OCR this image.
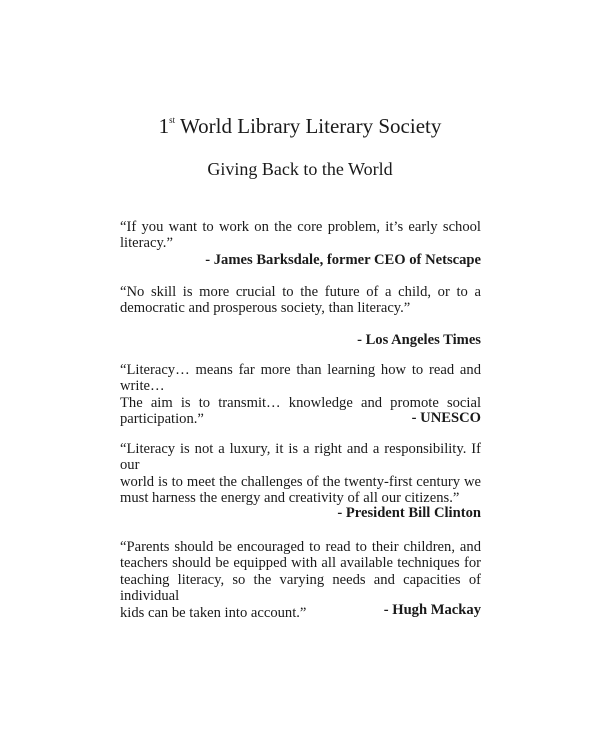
1st World Library Literary Society
Giving Back to the World

“If you want to work on the core problem, it’s early school
literacy.”

- James Barksdale, former CEO of Netscape

“No skill is more crucial to the future of a child, or to a
democratic and prosperous society, than literacy.”

- Los Angeles Times

“Literacy… means far more than learning how to read and write…
The aim is to transmit… knowledge and promote social
participation.”	- UNESCO

“Literacy is not a luxury, it is a right and a responsibility. If our
world is to meet the challenges of the twenty-first century we
must harness the energy and creativity of all our citizens.”

- President Bill Clinton

“Parents should be encouraged to read to their children, and
teachers should be equipped with all available techniques for
teaching literacy, so the varying needs and capacities of individual
kids can be taken into account.”	- Hugh Mackay
